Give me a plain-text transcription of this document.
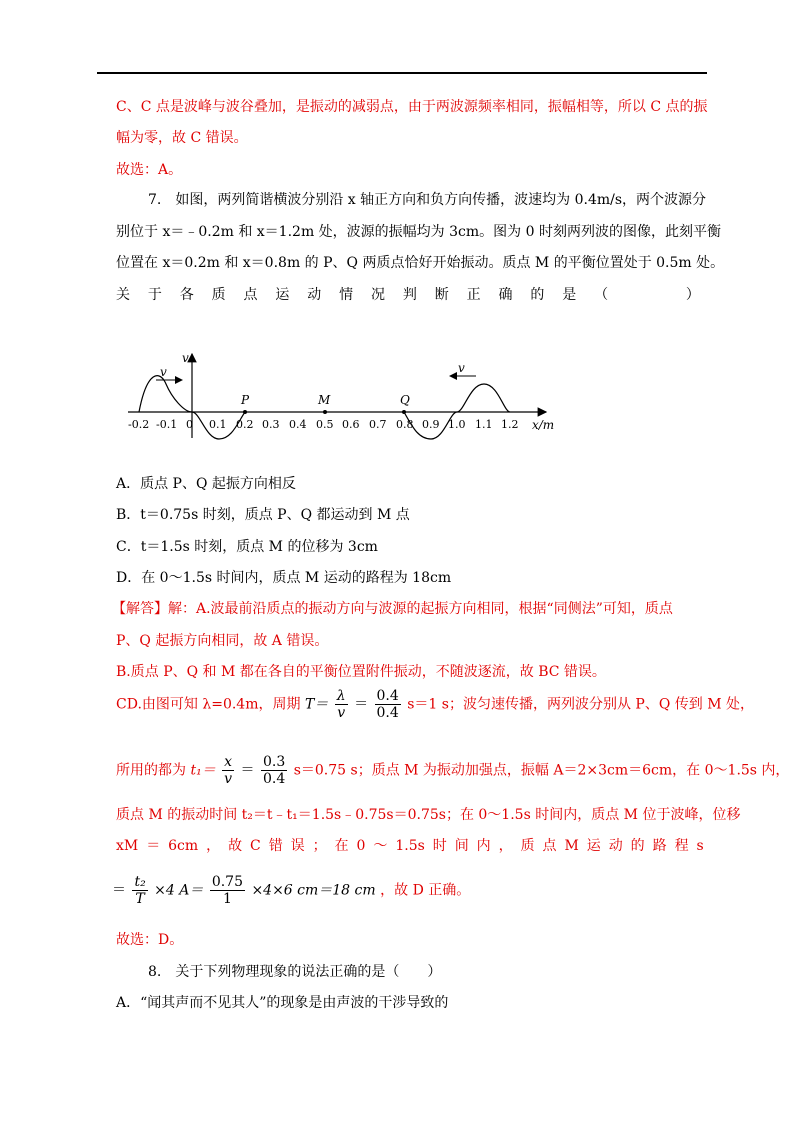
C、C 点是波峰与波谷叠加，是振动的减弱点，由于两波源频率相同，振幅相等，所以 C 点的振
幅为零，故 C 错误。
故选：A。
7.　如图，两列简谐横波分别沿 x 轴正方向和负方向传播，波速均为 0.4m/s，两个波源分
别位于 x＝﹣0.2m 和 x＝1.2m 处，波源的振幅均为 3cm。图为 0 时刻两列波的图像，此刻平衡
位置在 x＝0.2m 和 x＝0.8m 的 P、Q 两质点恰好开始振动。质点 M 的平衡位置处于 0.5m 处。
关 于 各 质 点 运 动 情 况 判 断 正 确 的 是 （
　　　	）
v
x/m
v	v
P	M	Q
-0.2 -0.1 0 0.1 0.2 0.3 0.4 0.5 0.6 0.7 0.8 0.9 1.0 1.1 1.2
A．质点 P、Q 起振方向相反
B．t＝0.75s 时刻，质点 P、Q 都运动到 M 点
C．t＝1.5s 时刻，质点 M 的位移为 3cm
D．在 0～1.5s 时间内，质点 M 运动的路程为 18cm
【解答】解：A.波最前沿质点的振动方向与波源的起振方向相同，根据“同侧法”可知，质点
P、Q 起振方向相同，故 A 错误。
B.质点 P、Q 和 M 都在各自的平衡位置附件振动，不随波逐流，故 BC 错误。
CD.由图可知 λ=0.4m，周期 $T= \frac{\lambda}{v} = \frac{0.4}{0.4} s=1$ s；波匀速传播，两列波分别从 P、Q 传到 M 处，
所用的都为 $t_1= \frac{x}{v} = \frac{0.3}{0.4} s=0.75$ s；质点 M 为振动加强点，振幅 A＝2×3cm＝6cm，在 0～1.5s 内，
质点 M 的振动时间 t₂＝t﹣t₁＝1.5s﹣0.75s＝0.75s；在 0～1.5s 时间内，质点 M 位于波峰，位移
xM ＝ 6cm ， 故 C 错 误 ； 在 0 ～ 1.5s 时 间 内 ， 质 点 M 运 动 的 路 程 s
＝ $\frac{\text{t₂}}{T} \times 4$ $A= \frac{0.75}{1} \times 4\times 6$ cm＝18 cm ，故 D 正确。
故选：D。
8.　关于下列物理现象的说法正确的是（　　）
A．“闻其声而不见其人”的现象是由声波的干涉导致的
